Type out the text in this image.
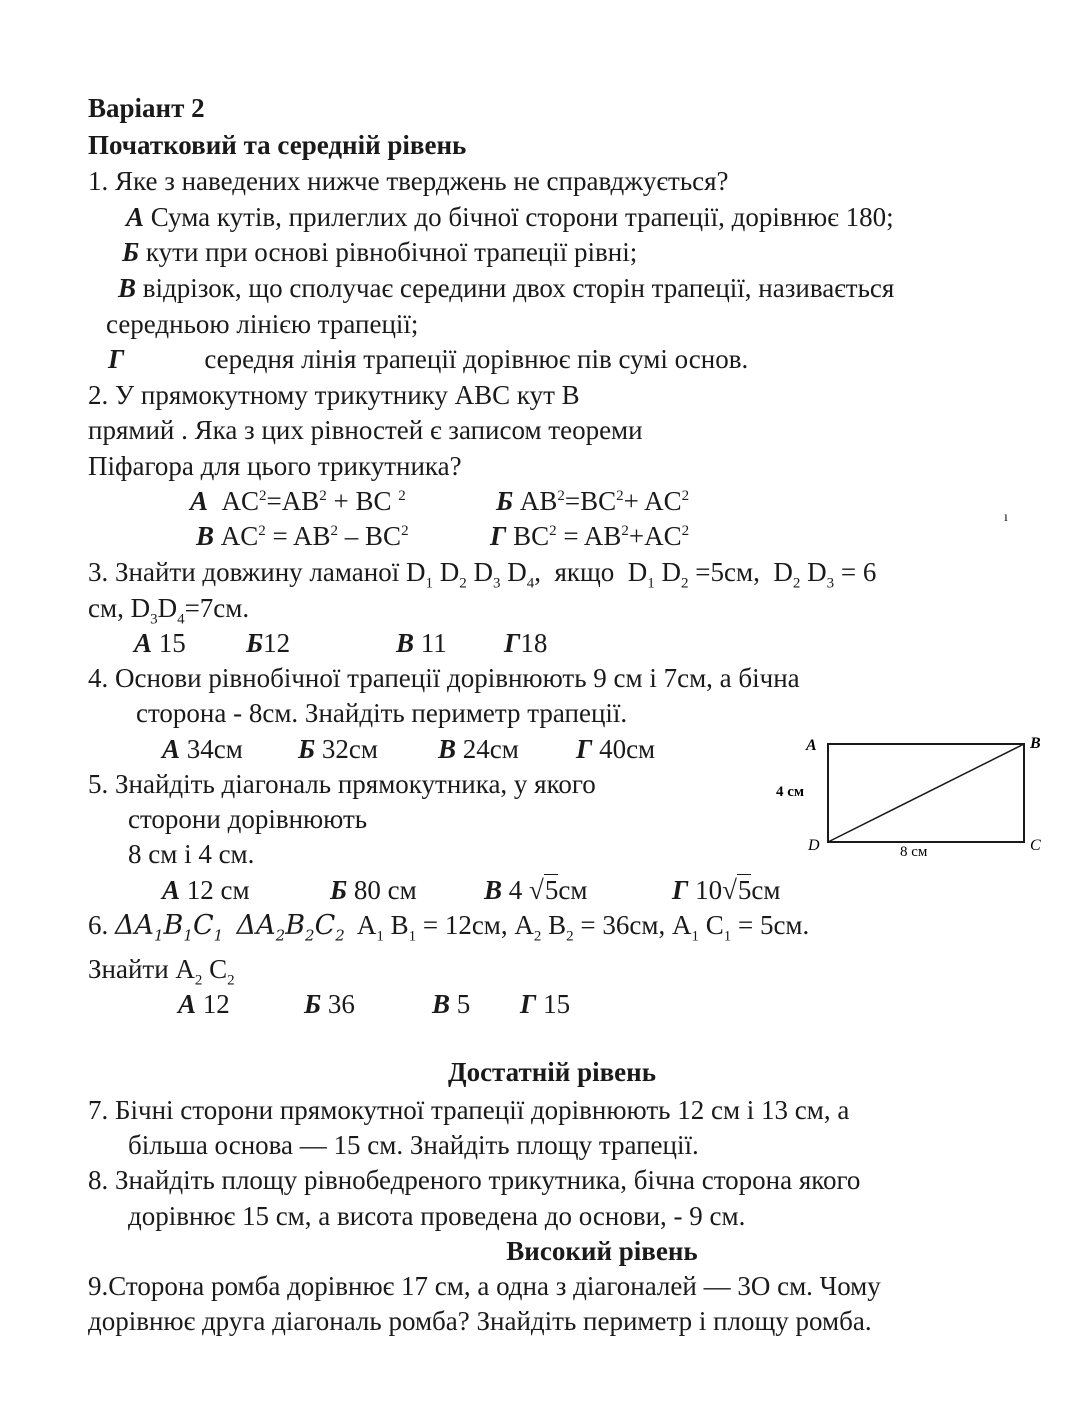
Варіант 2
Початковий та середній рівень
1. Яке з наведених нижче тверджень не справджується?
А Сума кутів, прилеглих до бічної сторони трапеції, дорівнює 180;
Б кути при основі рівнобічної трапеції рівні;
В відрізок, що сполучає середини двох сторін трапеції, називається
середньою лінією трапеції;
Г	середня лінія трапеції дорівнює пів сумі основ.
2. У прямокутному трикутнику АВС кут В
прямий . Яка з цих рівностей є записом теореми
Піфагора для цього трикутника?
А  $AC^2=AB^2$ + BC $^2$	Б $AB^2=BC^2+ AC^2$
В $AC^2 = AB^2 - BC^2$	Г $BC^2 = AB^2+AC^2$
ı
3. Знайти довжину ламаної $D_1$ $D_2$ $D_3$ $D_4$,  якщо  $D_1$ $D_2 =5см$,  $D_2$ $D_3 = 6$
см, $D_3D_4=7см$.
А 15 Б12	В 11 Г18
4. Основи рівнобічної трапеції дорівнюють 9 см і 7см, а бічна
сторона - 8см. Знайдіть периметр трапеції.
А 34см Б 32см В 24см Г 40см
5. Знайдіть діагональ прямокутника, у якого
сторони дорівнюють
8 см і 4 см.
А 12 см	Б 80 см В 4 √5см	Г 10√5см
A	B
C
D
4 см
8 см
6. $\Delta A_1B_1C_1$ $\Delta A_2B_2C_2$  $A_1$ $B_1 = 12см$, $A_2$ $B_2 = 36см$, $A_1$ $C_1 = 5см$.
Знайти $А_2$ $C_2$
А 12	Б 36	В 5 Г 15
Достатній рівень
7. Бічні сторони прямокутної трапеції дорівнюють 12 см і 13 см, а
більша основа — 15 см. Знайдіть площу трапеції.
8. Знайдіть площу рівнобедреного трикутника, бічна сторона якого
дорівнює 15 см, а висота проведена до основи, - 9 см.
Високий рівень
9.Сторона ромба дорівнює 17 см, а одна з діагоналей — 3О см. Чому
дорівнює друга діагональ ромба? Знайдіть периметр і площу ромба.
